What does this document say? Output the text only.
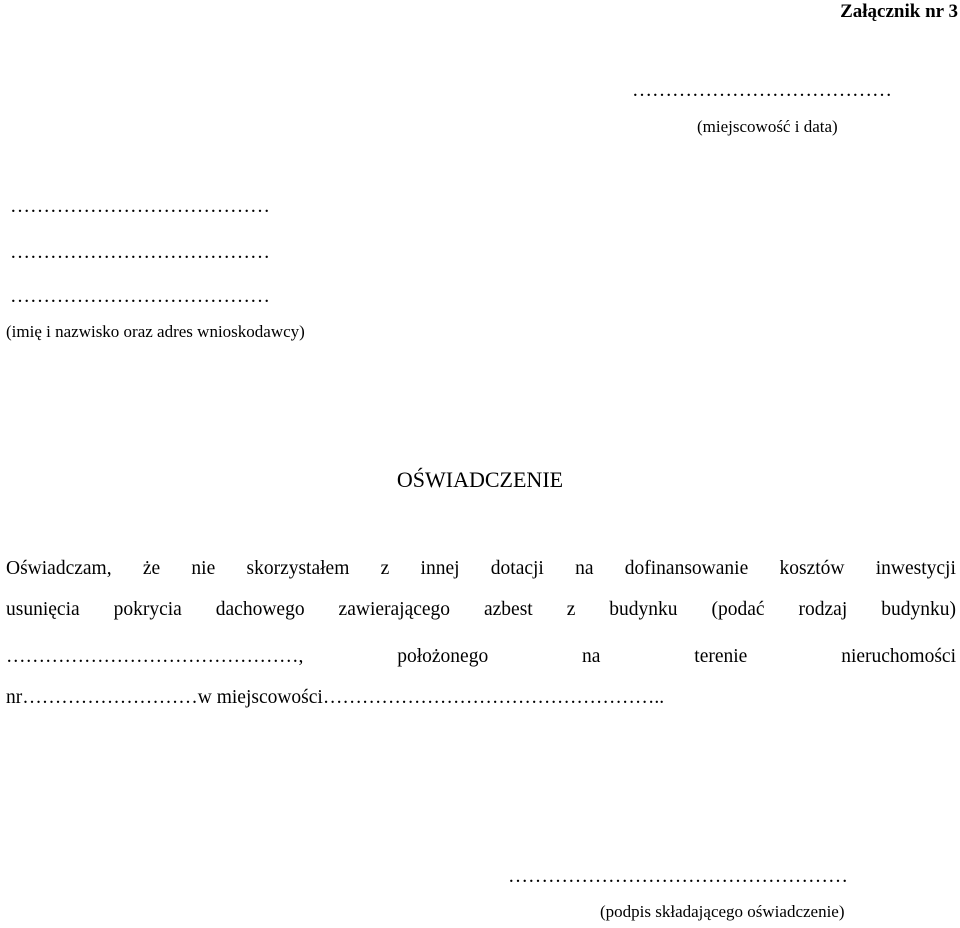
Załącznik nr 3
…………………………………
(miejscowość i data)
…………………………………
…………………………………
…………………………………
(imię i nazwisko oraz adres wnioskodawcy)
OŚWIADCZENIE
Oświadczam, że nie skorzystałem z innej dotacji na dofinansowanie kosztów inwestycji
usunięcia pokrycia dachowego zawierającego azbest z budynku (podać rodzaj budynku)
………………………………………,	położonego	na	terenie	nieruchomości
nr………………………w miejscowości……………………………………………..
……………………………………………
(podpis składającego oświadczenie)
